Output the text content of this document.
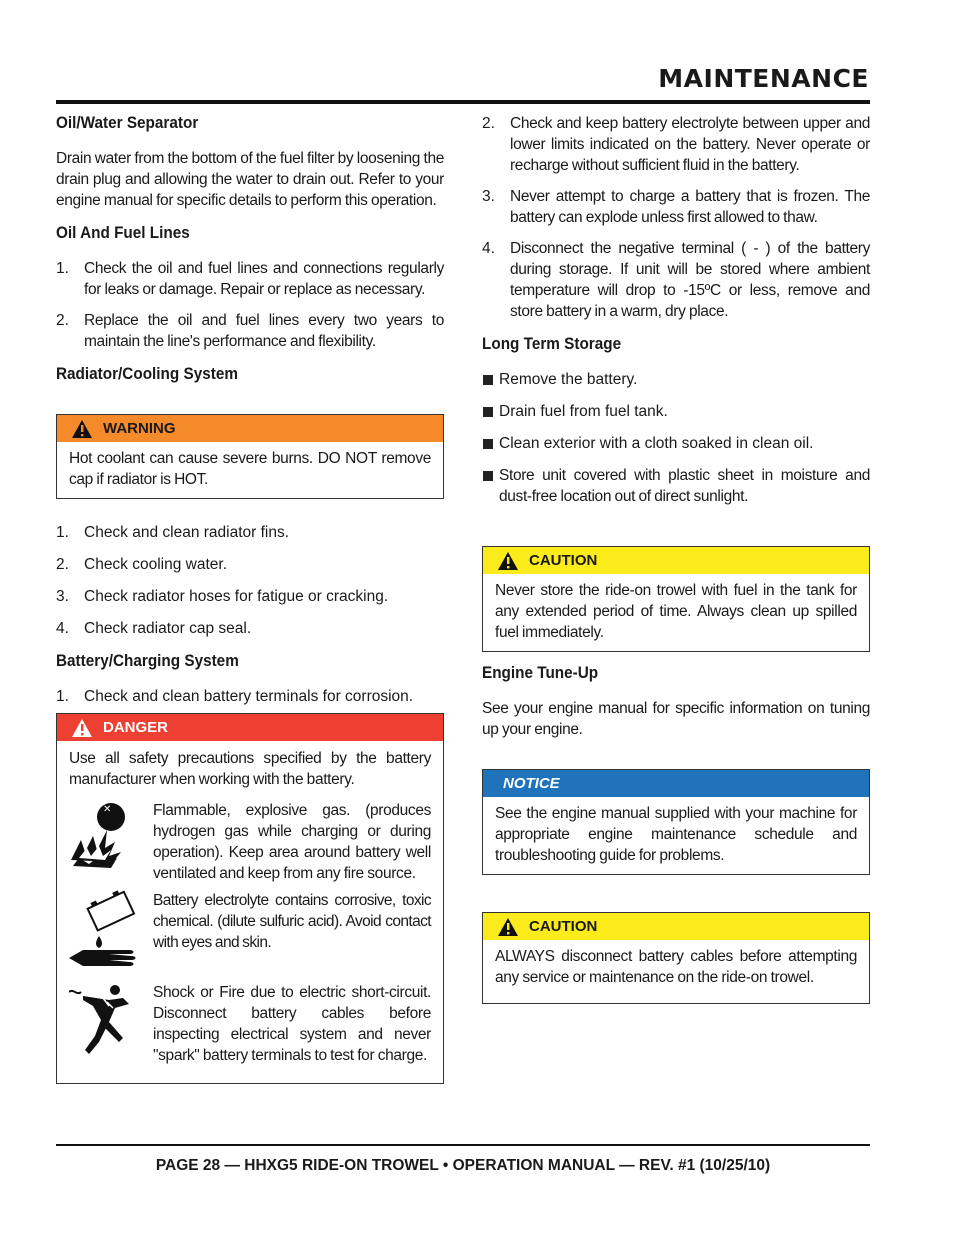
MAINTENANCE
Oil/Water Separator

Drain water from the bottom of the fuel filter by loosening the drain plug and allowing the water to drain out. Refer to your engine manual for specific details to perform this operation.

Oil And Fuel Lines
1. Check the oil and fuel lines and connections regularly for leaks or damage. Repair or replace as necessary.
2. Replace the oil and fuel lines every two years to maintain the line's performance and flexibility.
Radiator/Cooling System
WARNING
Hot coolant can cause severe burns. DO NOT remove cap if radiator is HOT.
1. Check and clean radiator fins.
2. Check cooling water.
3. Check radiator hoses for fatigue or cracking.
4. Check radiator cap seal.
Battery/Charging System
1. Check and clean battery terminals for corrosion.
DANGER

Use all safety precautions specified by the battery manufacturer when working with the battery.

✕	Flammable, explosive gas. (produces hydrogen gas while charging or during operation). Keep area around battery well ventilated and keep from any fire source.

Battery electrolyte contains corrosive, toxic chemical. (dilute sulfuric acid). Avoid contact with eyes and skin.

Shock or Fire due to electric short-circuit. Disconnect battery cables before inspecting electrical system and never "spark" battery terminals to test for charge.

2. Check and keep battery electrolyte between upper and lower limits indicated on the battery. Never operate or recharge without sufficient fluid in the battery.
3. Never attempt to charge a battery that is frozen. The battery can explode unless first allowed to thaw.
4. Disconnect the negative terminal ( - ) of the battery during storage. If unit will be stored where ambient temperature will drop to -15ºC or less, remove and store battery in a warm, dry place.
Long Term Storage
Remove the battery.
Drain fuel from fuel tank.
Clean exterior with a cloth soaked in clean oil.
Store unit covered with plastic sheet in moisture and dust-free location out of direct sunlight.
CAUTION
Never store the ride-on trowel with fuel in the tank for any extended period of time. Always clean up spilled fuel immediately.
Engine Tune-Up

See your engine manual for specific information on tuning up your engine.

NOTICE
See the engine manual supplied with your machine for appropriate engine maintenance schedule and troubleshooting guide for problems.
CAUTION
ALWAYS disconnect battery cables before attempting any service or maintenance on the ride-on trowel.

PAGE 28 — HHXG5 RIDE-ON TROWEL • OPERATION MANUAL — REV. #1 (10/25/10)
